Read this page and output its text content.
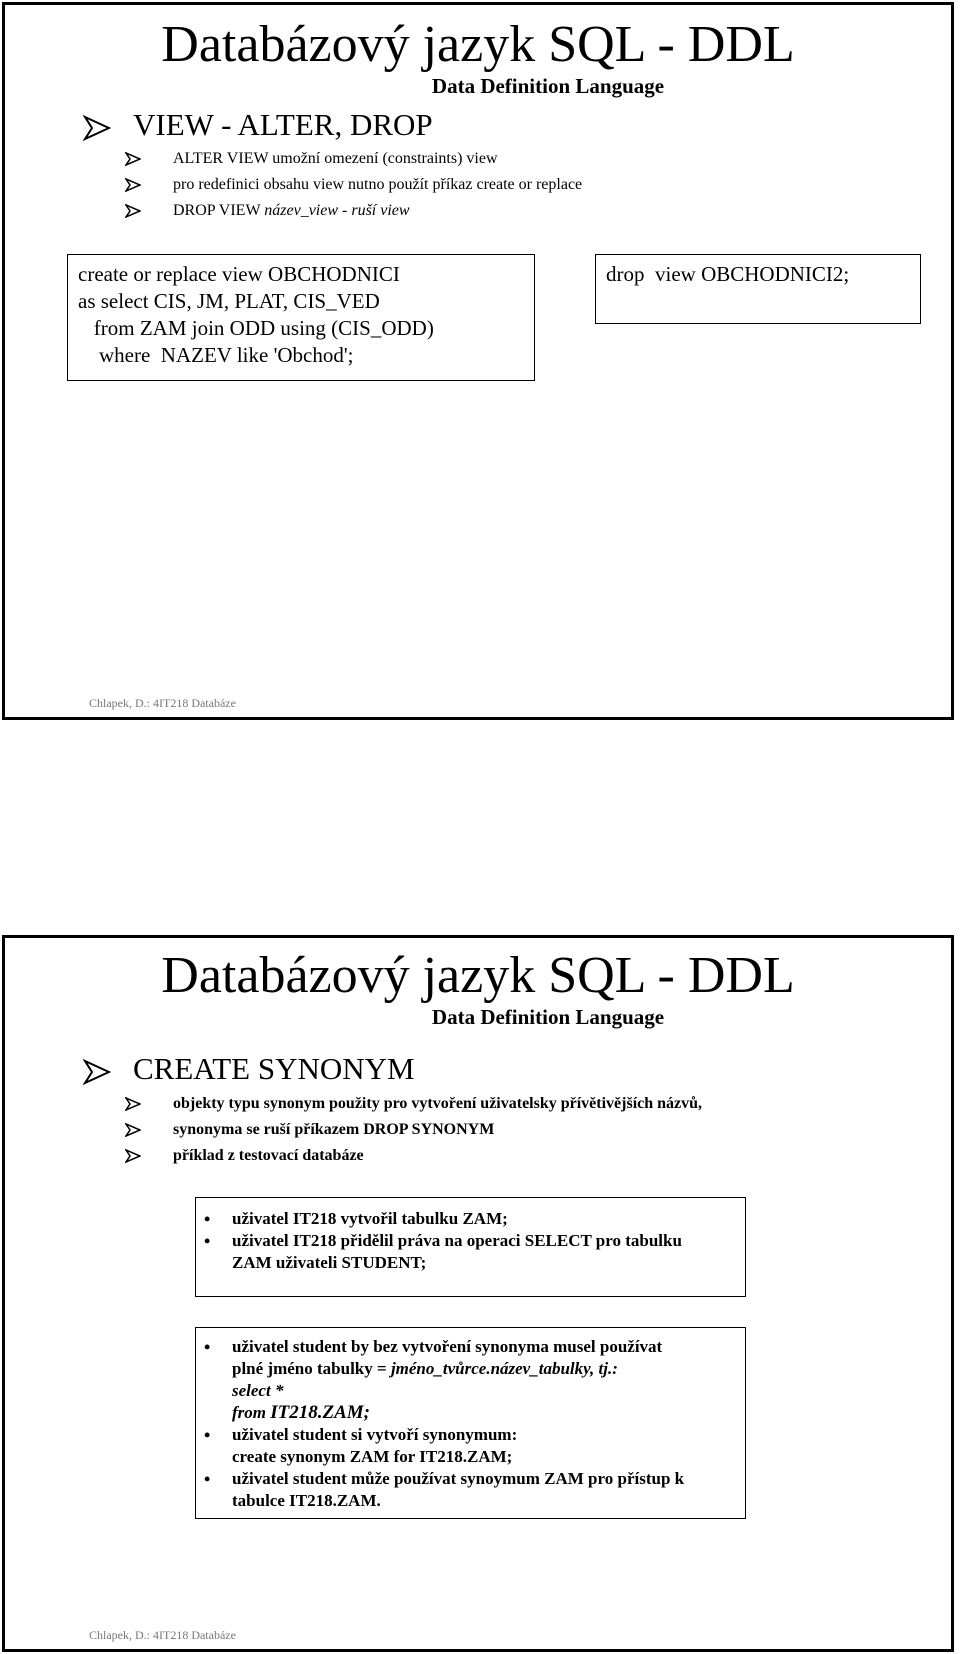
Databázový jazyk SQL - DDL
Data Definition Language
VIEW - ALTER, DROP
ALTER VIEW umožní omezení (constraints) view
pro redefinici obsahu view nutno použít příkaz create or replace
DROP VIEW název_view - ruší view
create or replace view OBCHODNICI
as select CIS, JM, PLAT, CIS_VED
from ZAM join ODD using (CIS_ODD)
where  NAZEV like 'Obchod';
drop  view OBCHODNICI2;
Chlapek, D.: 4IT218 Databáze
Databázový jazyk SQL - DDL
Data Definition Language
CREATE SYNONYM
objekty typu synonym použity pro vytvoření uživatelsky přívětivějších názvů,
synonyma se ruší příkazem DROP SYNONYM
příklad z testovací databáze
• uživatel IT218 vytvořil tabulku ZAM;
• uživatel IT218 přidělil práva na operaci SELECT pro tabulku
ZAM uživateli STUDENT;
• uživatel student by bez vytvoření synonyma musel používat
plné jméno tabulky = jméno_tvůrce.název_tabulky, tj.:
select *
from IT218.ZAM;
• uživatel student si vytvoří synonymum:
create synonym ZAM for IT218.ZAM;
• uživatel student může používat synoymum ZAM pro přístup k
tabulce IT218.ZAM.
Chlapek, D.: 4IT218 Databáze
